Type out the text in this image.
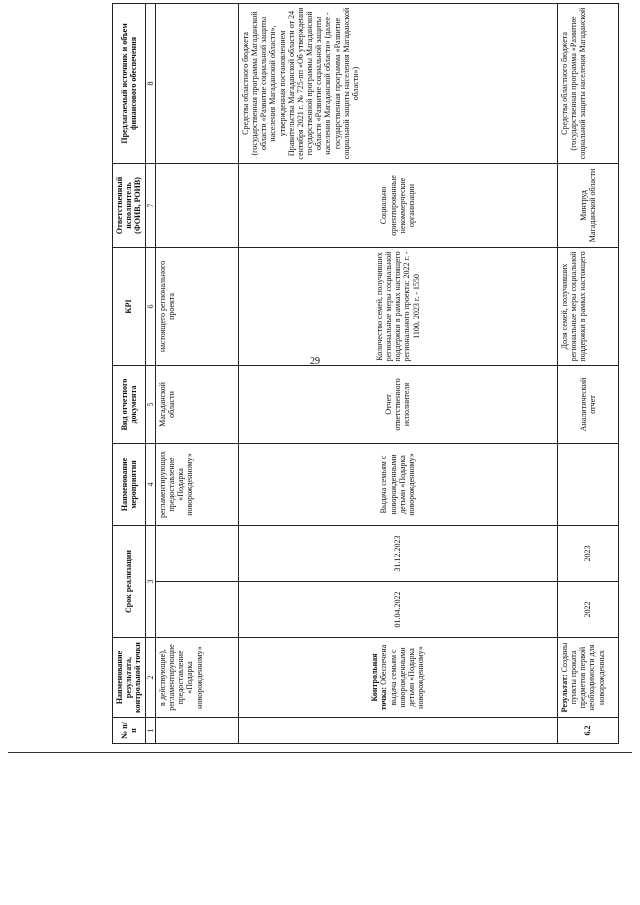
29
№ п/п	Наименование результата, контрольной точки	Срок реализации		Наименование мероприятия	Вид отчетного документа	KPI	Ответственный исполнитель (ФОИВ, РОИВ)	Предлагаемый источник и объем финансового обеспечения
1	2	3		4	5	6	7	8
	в действующие), регламентирующие предоставление «Подарка новорожденному»			регламентирующих предоставление «Подарка новорожденному»	Магаданской области	настоящего регионального проекта		
	Контрольная точка: Обеспечена выдача семьям с новорожденными детьми «Подарка новорожденному»	01.04.2022	31.12.2023	Выдача семьям с новорожденными детьми «Подарка новорожденному»	Отчет ответственного исполнителя	Количество семей, получивших региональные меры социальной поддержки в рамках настоящего регионального проекта: 2022 г. - 1100, 2023 г. - 1550	Социально ориентированные некоммерческие организации	Средства областного бюджета (государственная программа Магаданской области «Развитие социальной защиты населения Магаданской области», утвержденная постановлением Правительства Магаданской области от 24 сентября 2021 г. № 725-пп «Об утверждении государственной программы Магаданской области «Развитие социальной защиты населения Магаданской области» (далее - государственная программа «Развитие социальной защиты населения Магаданской области»)
6.2	Результат: Созданы пункты проката предметов первой необходимости для новорожденных	2022	2023		Аналитический отчет	Доля семей, получивших региональные меры социальной поддержки в рамках настоящего	Минтруд Магаданской области	Средства областного бюджета (государственная программа «Развитие социальной защиты населения Магаданской
